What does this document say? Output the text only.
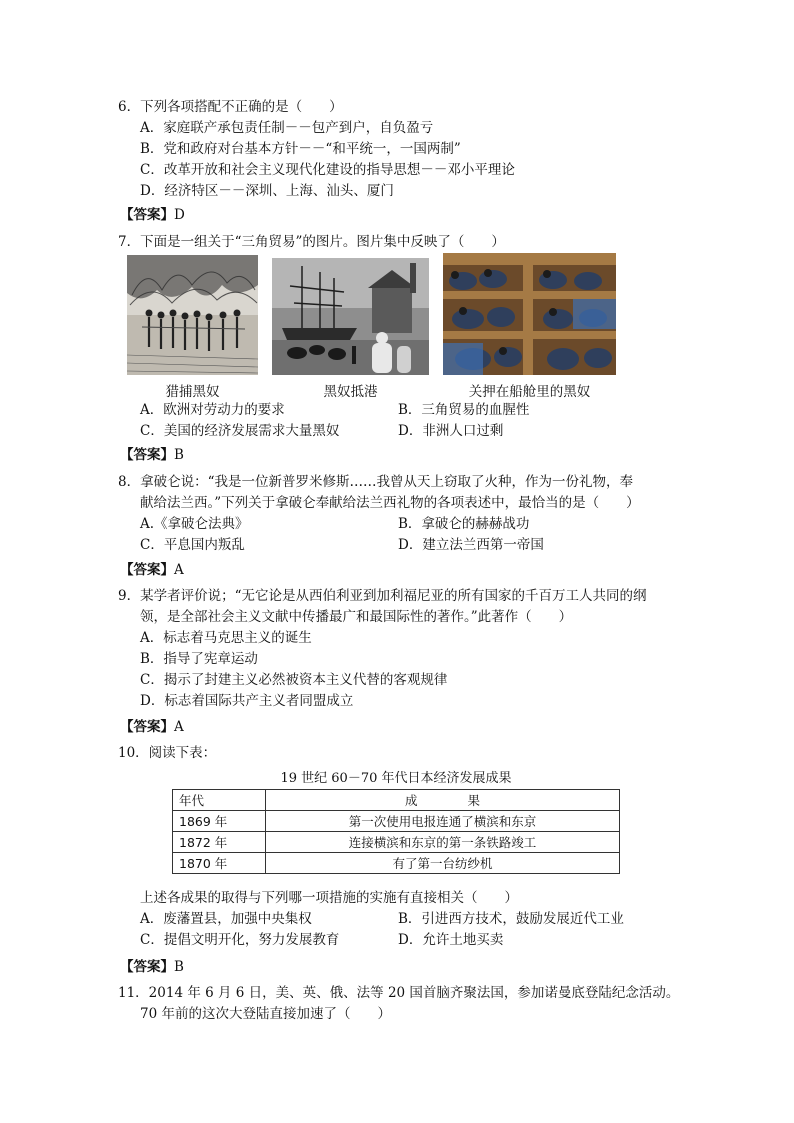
6．下列各项搭配不正确的是（　　）
A．家庭联产承包责任制－－包产到户，自负盈亏
B．党和政府对台基本方针－－“和平统一，一国两制”
C．改革开放和社会主义现代化建设的指导思想－－邓小平理论
D．经济特区－－深圳、上海、汕头、厦门
【答案】D
7．下面是一组关于“三角贸易”的图片。图片集中反映了（　　）
猎捕黑奴	黑奴抵港	关押在船舱里的黑奴
A．欧洲对劳动力的要求	B．三角贸易的血腥性
C．美国的经济发展需求大量黑奴	D．非洲人口过剩
【答案】B
8．拿破仑说：“我是一位新普罗米修斯……我曾从天上窃取了火种，作为一份礼物，奉
献给法兰西。”下列关于拿破仑奉献给法兰西礼物的各项表述中，最恰当的是（　　）
A.《拿破仑法典》	B．拿破仑的赫赫战功
C．平息国内叛乱	D．建立法兰西第一帝国
【答案】A
9．某学者评价说；“无它论是从西伯利亚到加利福尼亚的所有国家的千百万工人共同的纲
领，是全部社会主义文献中传播最广和最国际性的著作。”此著作（　　）
A．标志着马克思主义的诞生
B．指导了宪章运动
C．揭示了封建主义必然被资本主义代替的客观规律
D．标志着国际共产主义者同盟成立
【答案】A
10．阅读下表：
19 世纪 60－70 年代日本经济发展成果
年代	成　　　　果
1869 年	第一次使用电报连通了横滨和东京
1872 年	连接横滨和东京的第一条铁路竣工
1870 年	有了第一台纺纱机
上述各成果的取得与下列哪一项措施的实施有直接相关（　　）
A．废藩置县，加强中央集权	B．引进西方技术，鼓励发展近代工业
C．提倡文明开化，努力发展教育	D．允许土地买卖
【答案】B
11．2014 年 6 月 6 日，美、英、俄、法等 20 国首脑齐聚法国，参加诺曼底登陆纪念活动。
70 年前的这次大登陆直接加速了（　　）
